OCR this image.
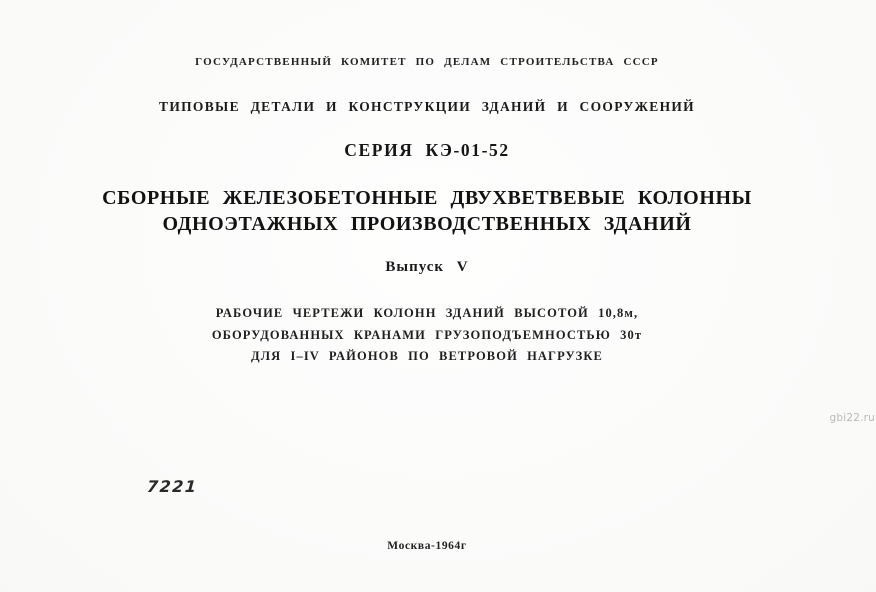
ГОСУДАРСТВЕННЫЙ КОМИТЕТ ПО ДЕЛАМ СТРОИТЕЛЬСТВА СССР
ТИПОВЫЕ ДЕТАЛИ И КОНСТРУКЦИИ ЗДАНИЙ И СООРУЖЕНИЙ
СЕРИЯ КЭ-01-52
СБОРНЫЕ ЖЕЛЕЗОБЕТОННЫЕ ДВУХВЕТВЕВЫЕ КОЛОННЫ
ОДНОЭТАЖНЫХ ПРОИЗВОДСТВЕННЫХ ЗДАНИЙ
Выпуск V
РАБОЧИЕ ЧЕРТЕЖИ КОЛОНН ЗДАНИЙ ВЫСОТОЙ 10,8м,
ОБОРУДОВАННЫХ КРАНАМИ ГРУЗОПОДЪЕМНОСТЬЮ 30т
ДЛЯ I–IV РАЙОНОВ ПО ВЕТРОВОЙ НАГРУЗКЕ
7221
Москва-1964г
gbi22.ru
